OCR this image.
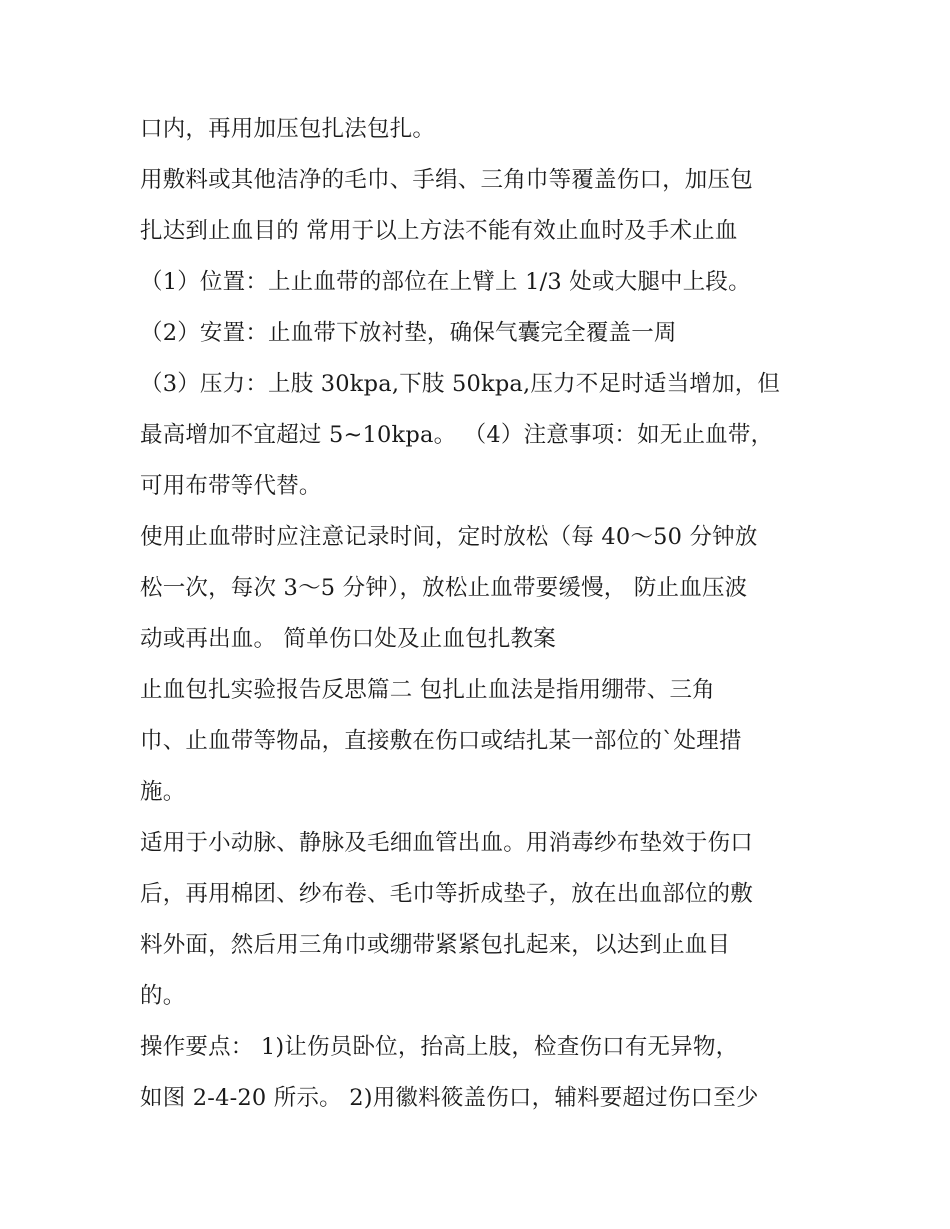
口内，再用加压包扎法包扎。
用敷料或其他洁净的毛巾、手绢、三角巾等覆盖伤口，加压包
扎达到止血目的 常用于以上方法不能有效止血时及手术止血
（1）位置：上止血带的部位在上臂上 1/3 处或大腿中上段。
（2）安置：止血带下放衬垫，确保气囊完全覆盖一周
（3）压力：上肢 30kpa,下肢 50kpa,压力不足时适当增加，但
最高增加不宜超过 5~10kpa。 （4）注意事项：如无止血带，
可用布带等代替。
使用止血带时应注意记录时间，定时放松（每 40～50 分钟放
松一次，每次 3～5 分钟），放松止血带要缓慢， 防止血压波
动或再出血。 简单伤口处及止血包扎教案
止血包扎实验报告反思篇二 包扎止血法是指用绷带、三角
巾、止血带等物品，直接敷在伤口或结扎某一部位的`处理措
施。
适用于小动脉、静脉及毛细血管出血。用消毒纱布垫效于伤口
后，再用棉团、纱布卷、毛巾等折成垫子，放在出血部位的敷
料外面，然后用三角巾或绷带紧紧包扎起来，以达到止血目
的。
操作要点： 1)让伤员卧位，抬高上肢，检查伤口有无异物，
如图 2-4-20 所示。 2)用徽料筱盖伤口，辅料要超过伤口至少
